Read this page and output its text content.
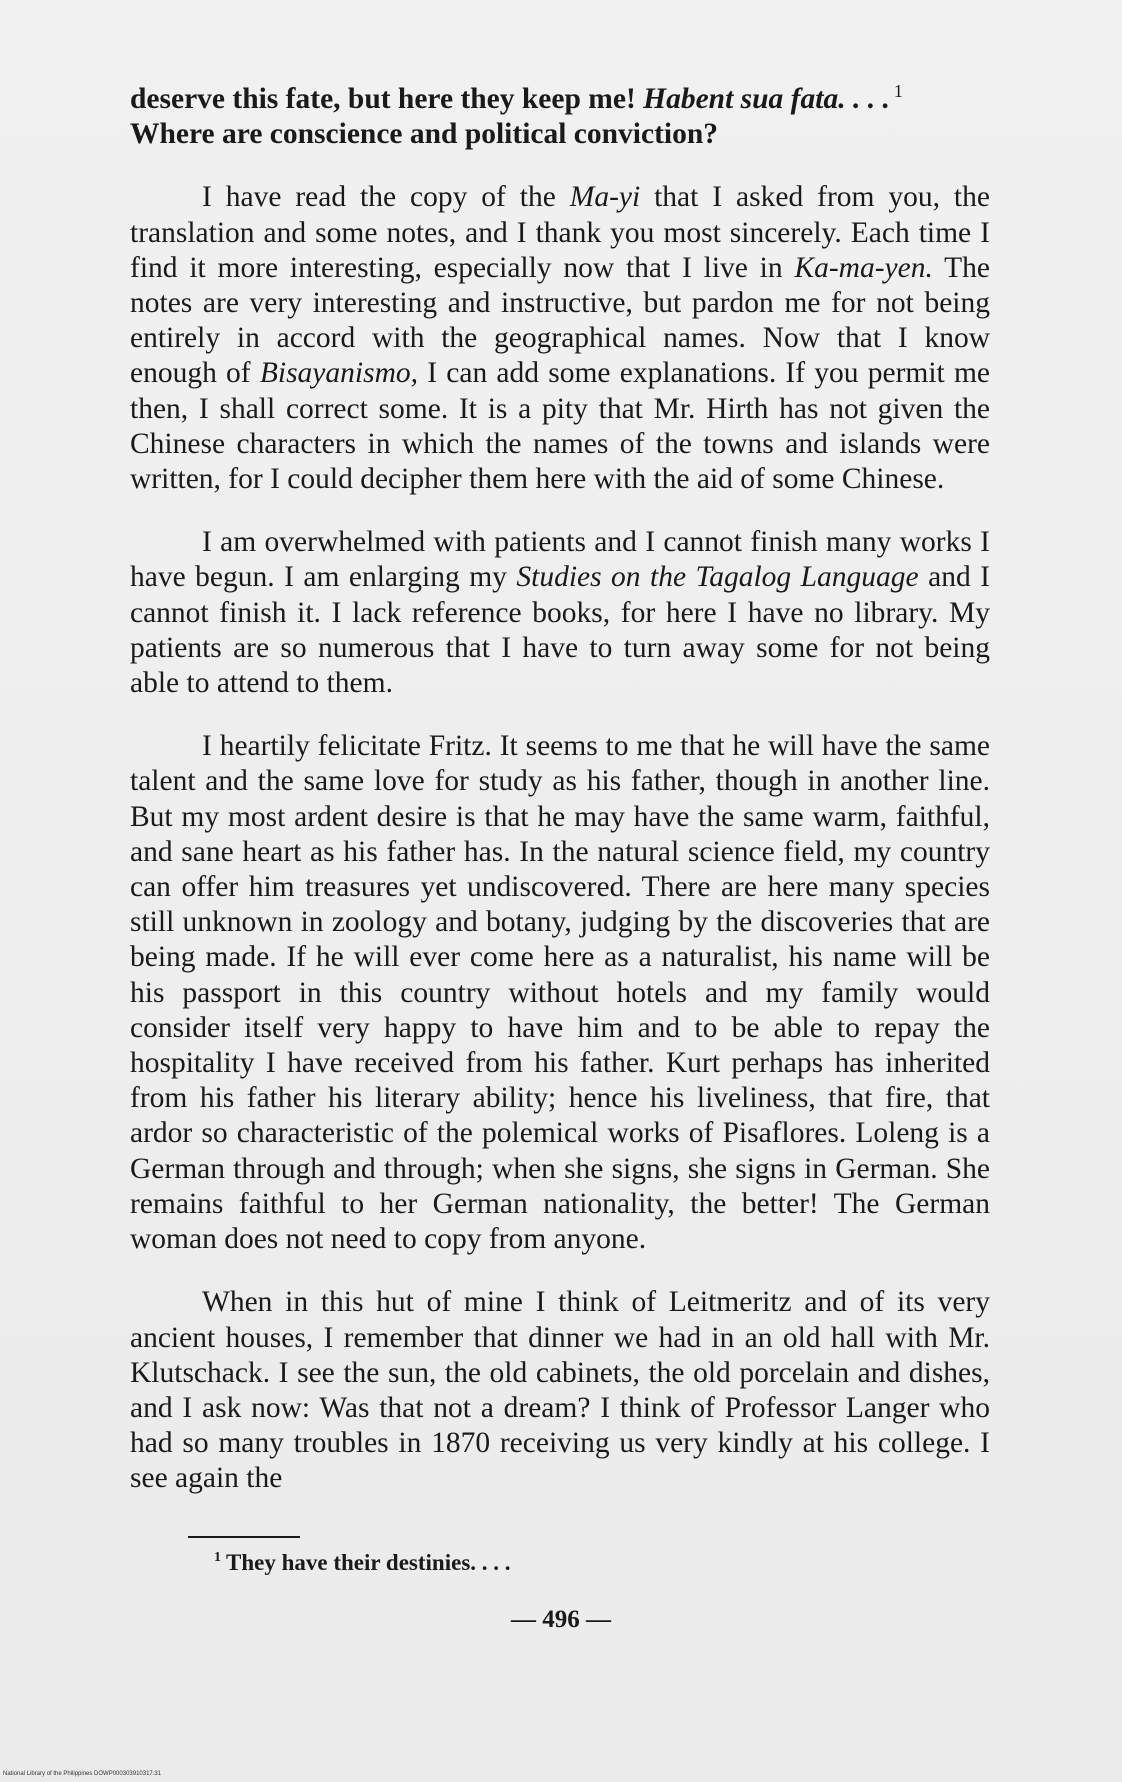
deserve this fate, but here they keep me! Habent sua fata. . . . $^1$
Where are conscience and political conviction?

I have read the copy of the Ma-yi that I asked from you, the translation and some notes, and I thank you most sincerely. Each time I find it more interesting, especially now that I live in Ka-ma-yen. The notes are very interesting and instructive, but pardon me for not being entirely in accord with the geographical names. Now that I know enough of Bisayanismo, I can add some explanations. If you permit me then, I shall correct some. It is a pity that Mr. Hirth has not given the Chinese characters in which the names of the towns and islands were written, for I could decipher them here with the aid of some Chinese.

I am overwhelmed with patients and I cannot finish many works I have begun. I am enlarging my Studies on the Tagalog Language and I cannot finish it. I lack reference books, for here I have no library. My patients are so numerous that I have to turn away some for not being able to attend to them.

I heartily felicitate Fritz. It seems to me that he will have the same talent and the same love for study as his father, though in another line. But my most ardent desire is that he may have the same warm, faithful, and sane heart as his father has. In the natural science field, my country can offer him treasures yet undiscovered. There are here many species still unknown in zoology and botany, judging by the discoveries that are being made. If he will ever come here as a naturalist, his name will be his passport in this country without hotels and my family would consider itself very happy to have him and to be able to repay the hospitality I have received from his father. Kurt perhaps has inherited from his father his literary ability; hence his liveliness, that fire, that ardor so characteristic of the polemical works of Pisaflores. Loleng is a German through and through; when she signs, she signs in German. She remains faithful to her German nationality, the better! The German woman does not need to copy from anyone.

When in this hut of mine I think of Leitmeritz and of its very ancient houses, I remember that dinner we had in an old hall with Mr. Klutschack. I see the sun, the old cabinets, the old porcelain and dishes, and I ask now: Was that not a dream? I think of Professor Langer who had so many troubles in 1870 receiving us very kindly at his college. I see again the

$^1$ They have their destinies. . . .
— 496 —
National Library of the Philippines DOWP000303910317.31
